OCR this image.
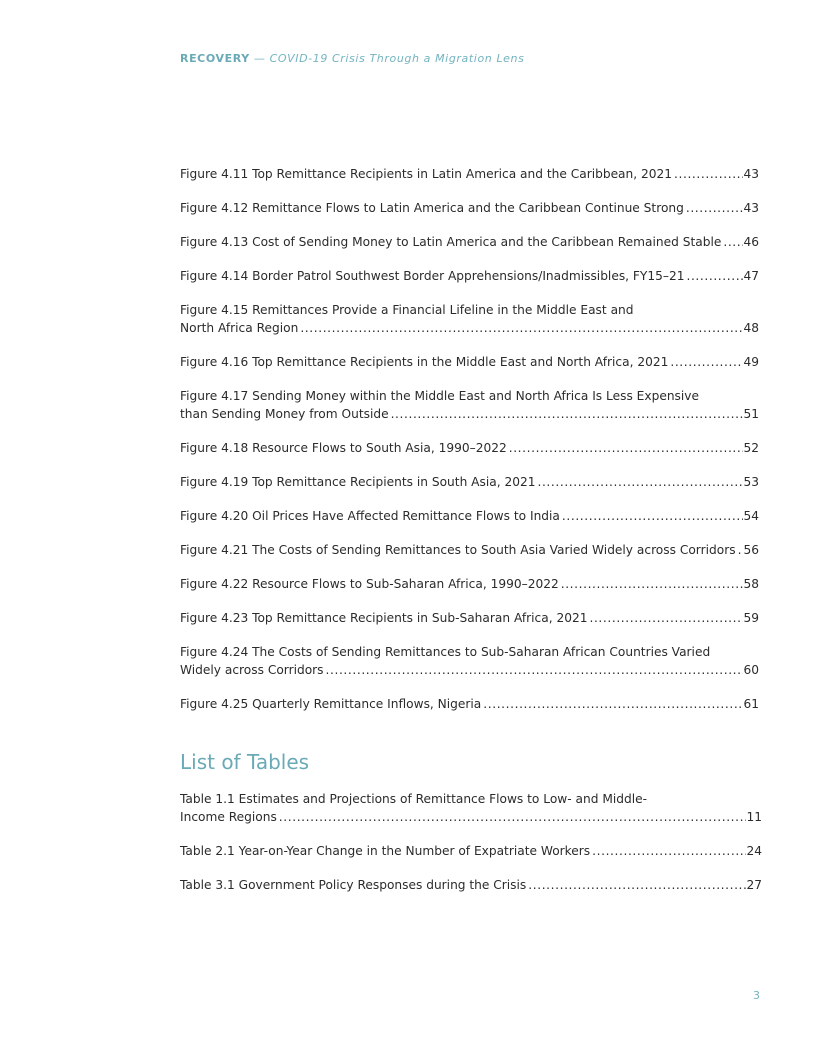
RECOVERY — COVID-19 Crisis Through a Migration Lens
Figure 4.11 Top Remittance Recipients in Latin America and the Caribbean, 2021 .....	43
Figure 4.12 Remittance Flows to Latin America and the Caribbean Continue Strong .....	43
Figure 4.13 Cost of Sending Money to Latin America and the Caribbean Remained Stable ..... 46
Figure 4.14 Border Patrol Southwest Border Apprehensions/Inadmissibles, FY15–21 .....	47
Figure 4.15 Remittances Provide a Financial Lifeline in the Middle East and
North Africa Region .....	48
Figure 4.16 Top Remittance Recipients in the Middle East and North Africa, 2021 .....	49
Figure 4.17 Sending Money within the Middle East and North Africa Is Less Expensive
than Sending Money from Outside .....	51
Figure 4.18 Resource Flows to South Asia, 1990–2022 .....	52
Figure 4.19 Top Remittance Recipients in South Asia, 2021 .....	53
Figure 4.20 Oil Prices Have Affected Remittance Flows to India .....	54
Figure 4.21 The Costs of Sending Remittances to South Asia Varied Widely across Corridors ..... 56
Figure 4.22 Resource Flows to Sub-Saharan Africa, 1990–2022 .....	58
Figure 4.23 Top Remittance Recipients in Sub-Saharan Africa, 2021 .....	59
Figure 4.24 The Costs of Sending Remittances to Sub-Saharan African Countries Varied
Widely across Corridors .....	60
Figure 4.25 Quarterly Remittance Inflows, Nigeria .....	61
List of Tables
Table 1.1 Estimates and Projections of Remittance Flows to Low- and Middle-
Income Regions .....	11
Table 2.1 Year-on-Year Change in the Number of Expatriate Workers .....	24
Table 3.1 Government Policy Responses during the Crisis .....	27
3
